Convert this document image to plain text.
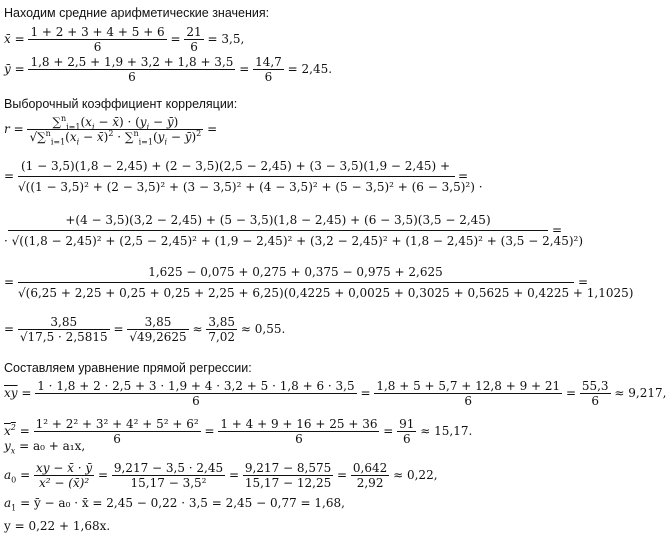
Находим средние арифметические значения:
x̄ = $\frac{1 + 2 + 3 + 4 + 5 + 6}{6} = \frac{21}{6} = 3,5$,
ȳ = $\frac{1,8 + 2,5 + 1,9 + 3,2 + 1,8 + 3,5}{6} = \frac{14,7}{6} = 2,45$.
Выборочный коэффициент корреляции:
$r = \frac{\sum^n_{i=1}(x_i - x̄) \cdot (y_i - ȳ)}{√\sum^n_{i=1}(x_i - x̄)^2 \cdot \sum^n_{i=1}(y_i - ȳ)^2}$ =
=
(1 − 3,5)(1,8 − 2,45) + (2 − 3,5)(2,5 − 2,45) + (3 − 3,5)(1,9 − 2,45) +
√((1 − 3,5)² + (2 − 3,5)² + (3 − 3,5)² + (4 − 3,5)² + (5 − 3,5)² + (6 − 3,5)²) ·
=
+(4 − 3,5)(3,2 − 2,45) + (5 − 3,5)(1,8 − 2,45) + (6 − 3,5)(3,5 − 2,45)
· √((1,8 − 2,45)² + (2,5 − 2,45)² + (1,9 − 2,45)² + (3,2 − 2,45)² + (1,8 − 2,45)² + (3,5 − 2,45)²)
=
=
1,625 − 0,075 + 0,275 + 0,375 − 0,975 + 2,625
√(6,25 + 2,25 + 0,25 + 0,25 + 2,25 + 6,25)(0,4225 + 0,0025 + 0,3025 + 0,5625 + 0,4225 + 1,1025)
=
= $\frac{3,85}{√17,5 \cdot 2,5815} = \frac{3,85}{√49,2625} \approx \frac{3,85}{7,02} \approx 0,55$.
Составляем уравнение прямой регрессии:
$\overline{xy} = \frac{1 \cdot 1,8 + 2 \cdot 2,5 + 3 \cdot 1,9 + 4 \cdot 3,2 + 5 \cdot 1,8 + 6 \cdot 3,5}{6} = \frac{1,8 + 5 + 5,7 + 12,8 + 9 + 21}{6} = \frac{55,3}{6} \approx 9,217$,
$x^2 = \frac{\text{1² + 2² + 3² + 4² + 5² + 6²}}{6} = \frac{1 + 4 + 9 + 16 + 25 + 36}{6} = \frac{91}{6} \approx 15,17$.
$y_x = a_0 + a_1x$,
$a_0 = \frac{xy - x̄ \cdot ȳ}{\text{x² − (x̄)²}} = \frac{9,217 - 3,5 \cdot 2,45}{\text{15,17 − 3,5²}} = \frac{9,217 - 8,575}{15,17 - 12,25} = \frac{0,642}{2,92} \approx 0,22$,
$a_1$ = ȳ − a₀ · x̄ = 2,45 − 0,22 · 3,5 = 2,45 − 0,77 = 1,68,
y = 0,22 + 1,68x.
